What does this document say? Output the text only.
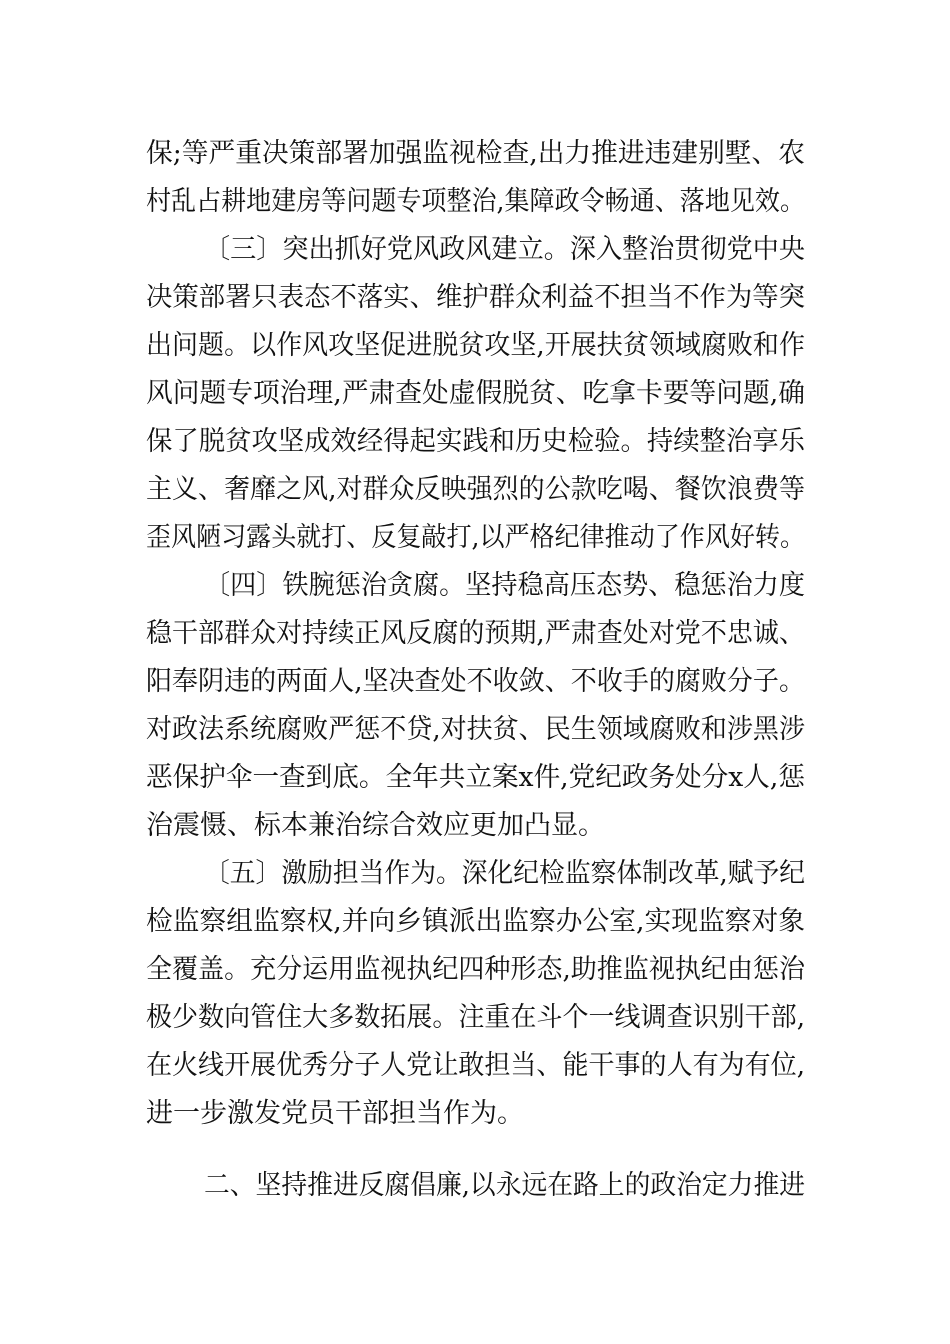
保;等严重决策部署加强监视检查,出力推进违建别墅、农
村乱占耕地建房等问题专项整治,集障政令畅通、落地见效。
〔三〕突出抓好党风政风建立。深入整治贯彻党中央
决策部署只表态不落实、维护群众利益不担当不作为等突
出问题。以作风攻坚促进脱贫攻坚,开展扶贫领域腐败和作
风问题专项治理,严肃查处虚假脱贫、吃拿卡要等问题,确
保了脱贫攻坚成效经得起实践和历史检验。持续整治享乐
主义、奢靡之风,对群众反映强烈的公款吃喝、餐饮浪费等
歪风陋习露头就打、反复敲打,以严格纪律推动了作风好转。
〔四〕铁腕惩治贪腐。坚持稳高压态势、稳惩治力度
稳干部群众对持续正风反腐的预期,严肃查处对党不忠诚、
阳奉阴违的两面人,坚决查处不收敛、不收手的腐败分子。
对政法系统腐败严惩不贷,对扶贫、民生领域腐败和涉黑涉
恶保护伞一查到底。全年共立案x件,党纪政务处分x人,惩
治震慑、标本兼治综合效应更加凸显。
〔五〕激励担当作为。深化纪检监察体制改革,赋予纪
检监察组监察权,并向乡镇派出监察办公室,实现监察对象
全覆盖。充分运用监视执纪四种形态,助推监视执纪由惩治
极少数向管住大多数拓展。注重在斗个一线调查识别干部,
在火线开展优秀分子人党让敢担当、能干事的人有为有位,
进一步激发党员干部担当作为。
二、坚持推进反腐倡廉,以永远在路上的政治定力推进
